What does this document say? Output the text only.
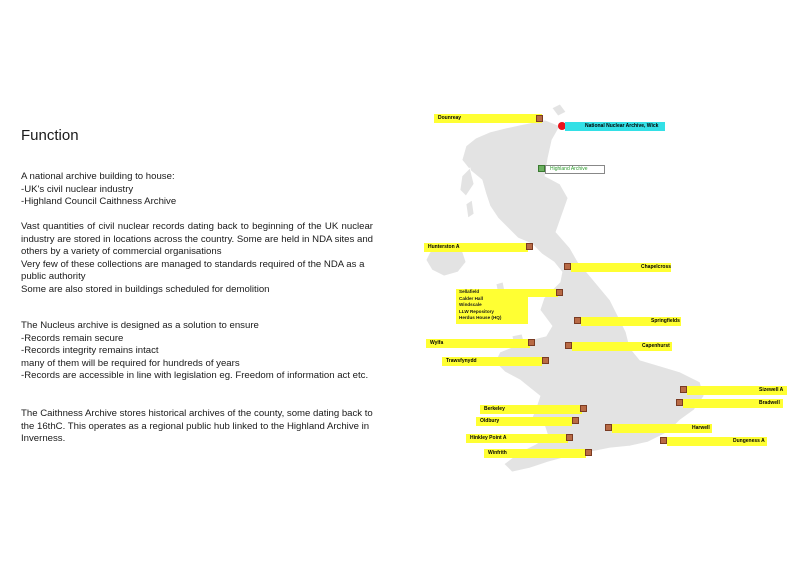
Function

A national archive building to house:

-UK's civil nuclear industry

-Highland Council Caithness Archive

Vast quantities of civil nuclear records dating back to beginning of the UK nuclear industry are stored in locations across the country. Some are held in NDA sites and others by a variety of commercial organisations

Very few of these collections are managed to standards required of the NDA as a public authority

Some are also stored in buildings scheduled for demolition

The Nucleus archive is designed as a solution to ensure

-Records remain secure

-Records integrity remains intact

many of them will be required for hundreds of years

-Records are accessible in line with legislation eg. Freedom of information act etc.

The Caithness Archive stores historical archives of the county, some dating back to the 16thC. This operates as a regional public hub linked to the Highland Archive in Inverness.

Dounreay
National Nuclear Archive, Wick
Highland Archive
Hunterston A
Chapelcross
Sellafield
Calder Hall
Windscale
LLW Repository
Herdus House (HQ)
Springfields
Wylfa	Capenhurst
Trawsfynydd
Sizewell A
Bradwell
Berkeley
Oldbury
Harwell
Hinkley Point A	Dungeness A
Winfrith
